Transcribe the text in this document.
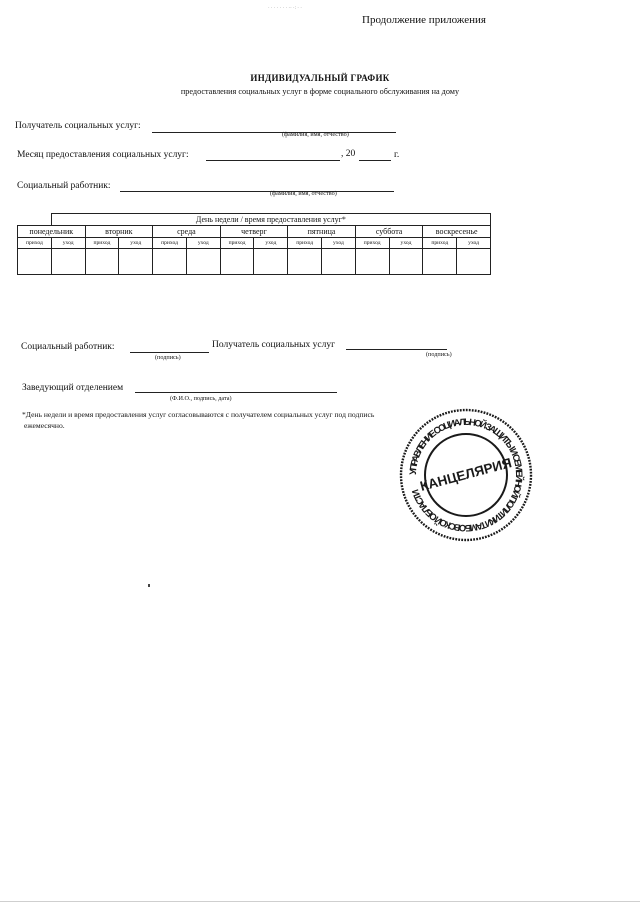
· · · · · · · ·· ·: · ·
Продолжение приложения
ИНДИВИДУАЛЬНЫЙ ГРАФИК
предоставления социальных услуг в форме социального обслуживания на дому
Получатель социальных услуг:
(фамилия, имя, отчество)
Месяц предоставления социальных услуг:	, 20	г.
Социальный работник:
(фамилия, имя, отчество)
	День недели / время предоставления услуг*												
понедельник		вторник		среда		четверг		пятница		суббота		воскресенье	
приход	уход	приход	уход	приход	уход	приход	уход	приход	уход	приход	уход	приход	уход

Социальный работник:
(подпись)
Получатель социальных услуг
(подпись)
Заведующий отделением
(Ф.И.О., подпись, дата)
*День недели и время предоставления услуг согласовываются с получателем социальных услуг под подпись
ежемесячно.
УПРАВЛЕНИЕ СОЦИАЛЬНОЙ ЗАЩИТЫ И СЕМЕЙНОЙ ПОЛИТИКИ ТАМБОВСКОЙ ОБЛАСТИ
КАНЦЕЛЯРИЯ
